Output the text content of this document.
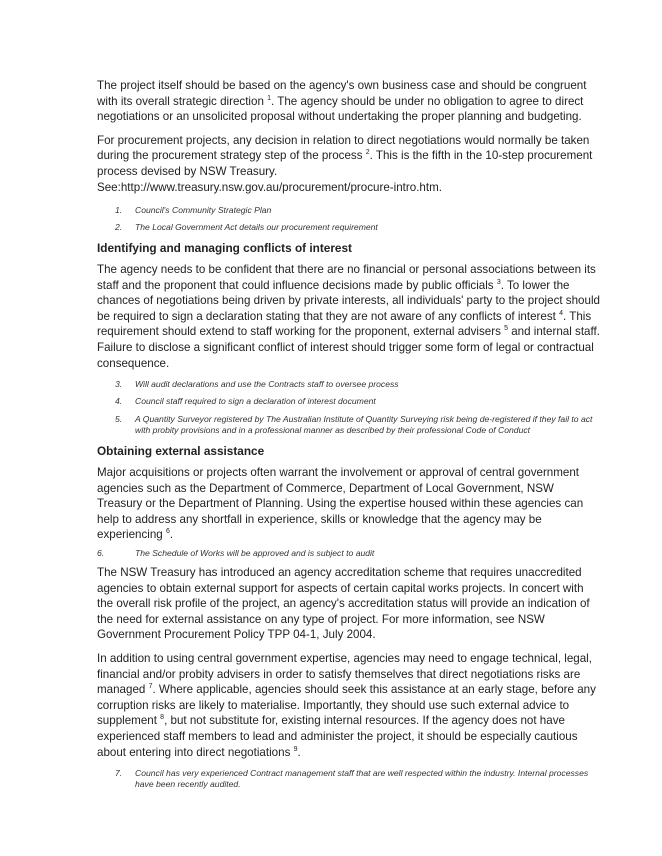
The project itself should be based on the agency's own business case and should be congruent with its overall strategic direction $^1$. The agency should be under no obligation to agree to direct negotiations or an unsolicited proposal without undertaking the proper planning and budgeting.

For procurement projects, any decision in relation to direct negotiations would normally be taken during the procurement strategy step of the process $^2$. This is the fifth in the 10-step procurement process devised by NSW Treasury.

See:http://www.treasury.nsw.gov.au/procurement/procure-intro.htm.

1.	Council's Community Strategic Plan
2.	The Local Government Act details our procurement requirement
Identifying and managing conflicts of interest

The agency needs to be confident that there are no financial or personal associations between its staff and the proponent that could influence decisions made by public officials $^3$. To lower the chances of negotiations being driven by private interests, all individuals' party to the project should be required to sign a declaration stating that they are not aware of any conflicts of interest $^4$. This requirement should extend to staff working for the proponent, external advisers $^5$ and internal staff. Failure to disclose a significant conflict of interest should trigger some form of legal or contractual consequence.

3.	Will audit declarations and use the Contracts staff to oversee process
4.	Council staff required to sign a declaration of interest document
5.	A Quantity Surveyor registered by The Australian Institute of Quantity Surveying risk being de-registered if they fail to act with probity provisions and in a professional manner as described by their professional Code of Conduct
Obtaining external assistance

Major acquisitions or projects often warrant the involvement or approval of central government agencies such as the Department of Commerce, Department of Local Government, NSW Treasury or the Department of Planning. Using the expertise housed within these agencies can help to address any shortfall in experience, skills or knowledge that the agency may be experiencing $^6$.

6.	The Schedule of Works will be approved and is subject to audit

The NSW Treasury has introduced an agency accreditation scheme that requires unaccredited agencies to obtain external support for aspects of certain capital works projects. In concert with the overall risk profile of the project, an agency's accreditation status will provide an indication of the need for external assistance on any type of project. For more information, see NSW Government Procurement Policy TPP 04-1, July 2004.

In addition to using central government expertise, agencies may need to engage technical, legal, financial and/or probity advisers in order to satisfy themselves that direct negotiations risks are managed $^7$. Where applicable, agencies should seek this assistance at an early stage, before any corruption risks are likely to materialise. Importantly, they should use such external advice to supplement $^8$, but not substitute for, existing internal resources. If the agency does not have experienced staff members to lead and administer the project, it should be especially cautious about entering into direct negotiations $^9$.

7.	Council has very experienced Contract management staff that are well respected within the industry. Internal processes have been recently audited.
